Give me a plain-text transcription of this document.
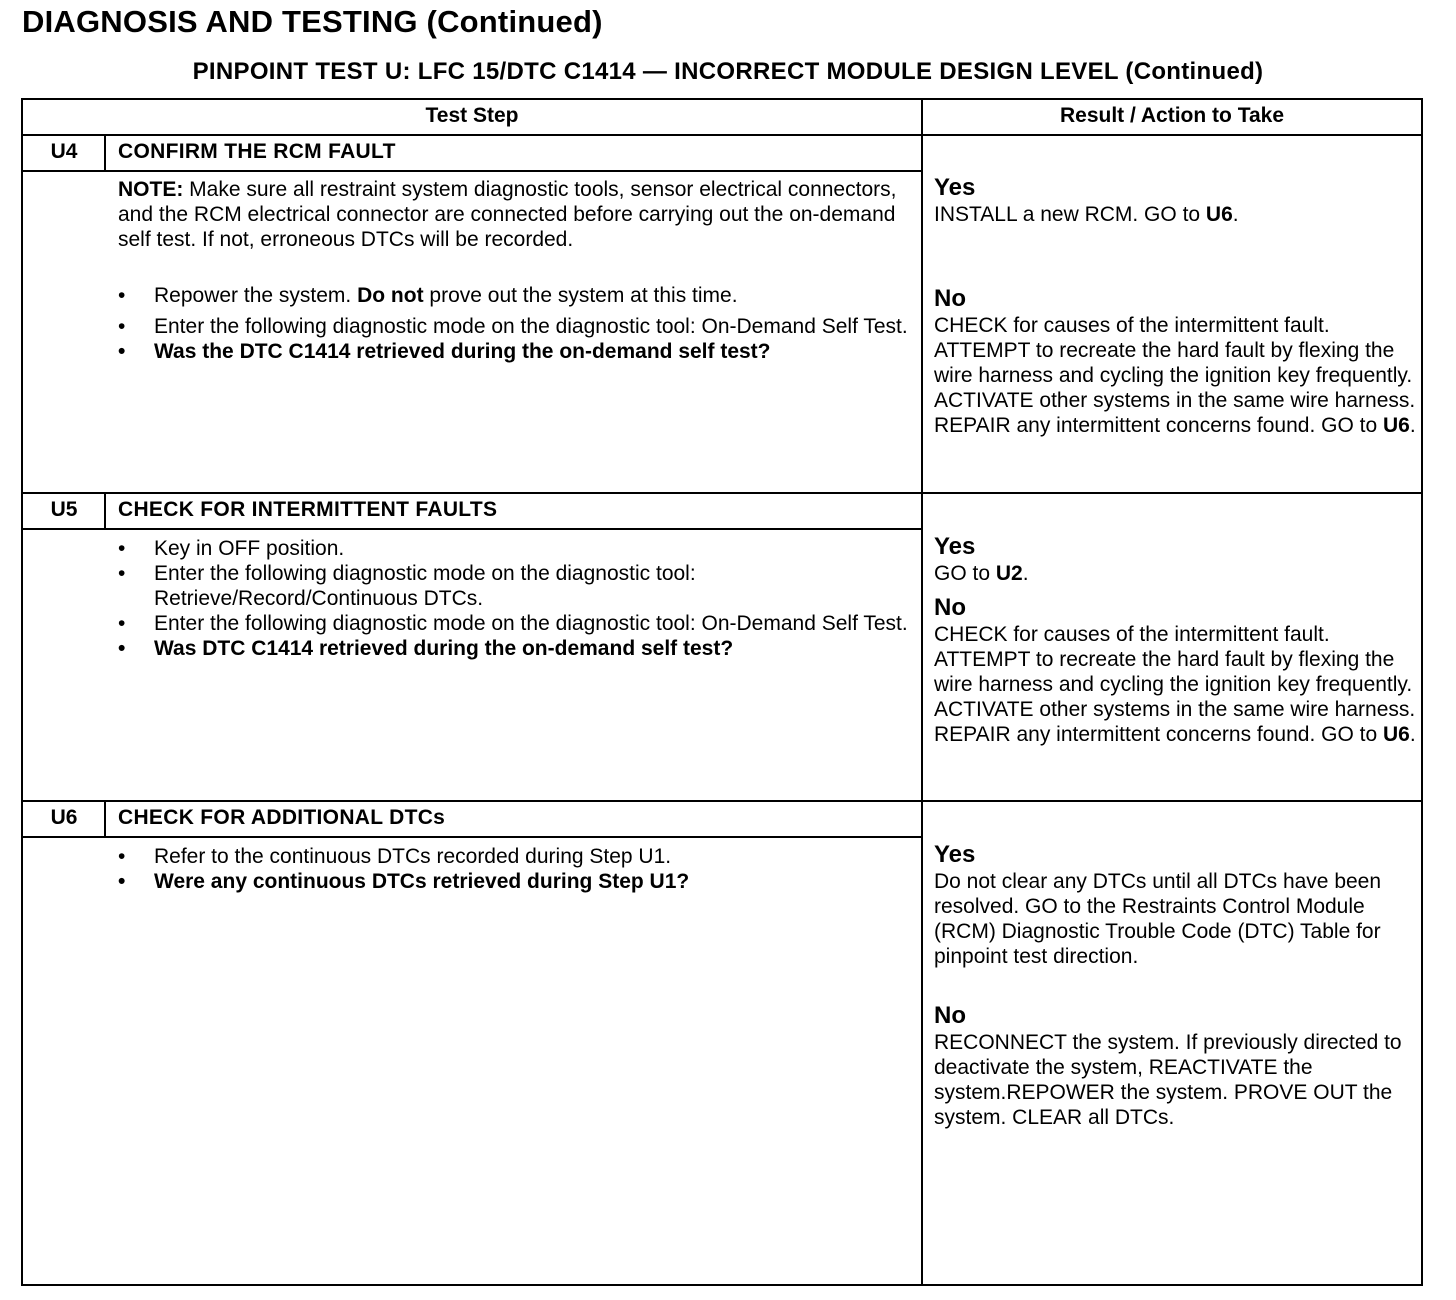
DIAGNOSIS AND TESTING (Continued)
PINPOINT TEST U: LFC 15/DTC C1414 — INCORRECT MODULE DESIGN LEVEL (Continued)
Test Step	Result / Action to Take
U4	CONFIRM THE RCM FAULT
NOTE: Make sure all restraint system diagnostic tools, sensor electrical connectors, and the RCM electrical connector are connected before carrying out the on-demand self test. If not, erroneous DTCs will be recorded.
• Repower the system. Do not prove out the system at this time.
• Enter the following diagnostic mode on the diagnostic tool: On-Demand Self Test.
• Was the DTC C1414 retrieved during the on-demand self test?
Yes
INSTALL a new RCM. GO to U6.
No
CHECK for causes of the intermittent fault. ATTEMPT to recreate the hard fault by flexing the wire harness and cycling the ignition key frequently. ACTIVATE other systems in the same wire harness. REPAIR any intermittent concerns found. GO to U6.
U5	CHECK FOR INTERMITTENT FAULTS
• Key in OFF position.
• Enter the following diagnostic mode on the diagnostic tool: Retrieve/Record/Continuous DTCs.
• Enter the following diagnostic mode on the diagnostic tool: On-Demand Self Test.
• Was DTC C1414 retrieved during the on-demand self test?
Yes
GO to U2.
No
CHECK for causes of the intermittent fault. ATTEMPT to recreate the hard fault by flexing the wire harness and cycling the ignition key frequently. ACTIVATE other systems in the same wire harness. REPAIR any intermittent concerns found. GO to U6.
U6	CHECK FOR ADDITIONAL DTCs
• Refer to the continuous DTCs recorded during Step U1.
• Were any continuous DTCs retrieved during Step U1?
Yes
Do not clear any DTCs until all DTCs have been resolved. GO to the Restraints Control Module (RCM) Diagnostic Trouble Code (DTC) Table for pinpoint test direction.
No
RECONNECT the system. If previously directed to deactivate the system, REACTIVATE the system.REPOWER the system. PROVE OUT the system. CLEAR all DTCs.
